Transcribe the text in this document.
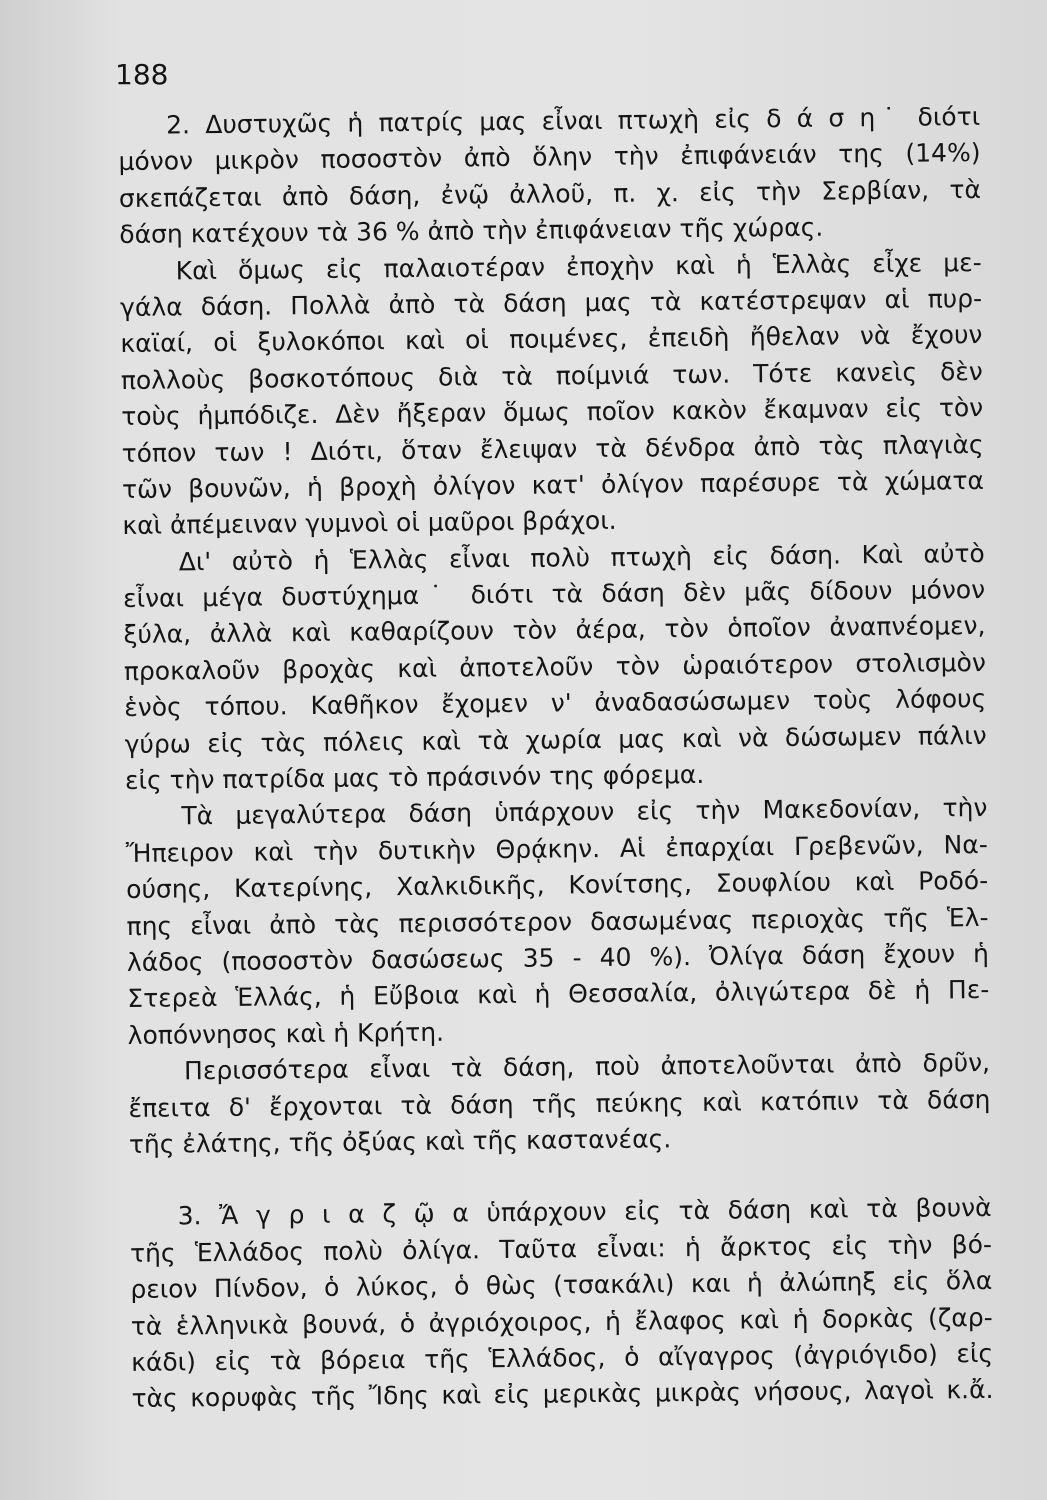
188
2. Δυστυχῶς ἡ πατρίς μας εἶναι πτωχὴ εἰς δ ά σ η˙ διότι
μόνον μικρὸν ποσοστὸν ἀπὸ ὅλην τὴν ἐπιφάνειάν της (14%)
σκεπάζεται ἀπὸ δάση, ἐνῷ ἀλλοῦ, π. χ. εἰς τὴν Σερβίαν, τὰ
δάση κατέχουν τὰ 36 % ἀπὸ τὴν ἐπιφάνειαν τῆς χώρας.
Καὶ ὅμως εἰς παλαιοτέραν ἐποχὴν καὶ ἡ Ἑλλὰς εἶχε με-
γάλα δάση. Πολλὰ ἀπὸ τὰ δάση μας τὰ κατέστρεψαν αἱ πυρ-
καϊαί, οἱ ξυλοκόποι καὶ οἱ ποιμένες, ἐπειδὴ ἤθελαν νὰ ἔχουν
πολλοὺς βοσκοτόπους διὰ τὰ ποίμνιά των. Τότε κανεὶς δὲν
τοὺς ἠμπόδιζε. Δὲν ἤξεραν ὅμως ποῖον κακὸν ἔκαμναν εἰς τὸν
τόπον των ! Διότι, ὅταν ἔλειψαν τὰ δένδρα ἀπὸ τὰς πλαγιὰς
τῶν βουνῶν, ἡ βροχὴ ὀλίγον κατ' ὀλίγον παρέσυρε τὰ χώματα
καὶ ἀπέμειναν γυμνοὶ οἱ μαῦροι βράχοι.
Δι' αὐτὸ ἡ Ἑλλὰς εἶναι πολὺ πτωχὴ εἰς δάση. Καὶ αὐτὸ
εἶναι μέγα δυστύχημα˙ διότι τὰ δάση δὲν μᾶς δίδουν μόνον
ξύλα, ἀλλὰ καὶ καθαρίζουν τὸν ἀέρα, τὸν ὁποῖον ἀναπνέομεν,
προκαλοῦν βροχὰς καὶ ἀποτελοῦν τὸν ὡραιότερον στολισμὸν
ἑνὸς τόπου. Καθῆκον ἔχομεν ν' ἀναδασώσωμεν τοὺς λόφους
γύρω εἰς τὰς πόλεις καὶ τὰ χωρία μας καὶ νὰ δώσωμεν πάλιν
εἰς τὴν πατρίδα μας τὸ πράσινόν της φόρεμα.
Τὰ μεγαλύτερα δάση ὑπάρχουν εἰς τὴν Μακεδονίαν, τὴν
Ἤπειρον καὶ τὴν δυτικὴν Θρᾴκην. Αἱ ἐπαρχίαι Γρεβενῶν, Να-
ούσης, Κατερίνης, Χαλκιδικῆς, Κονίτσης, Σουφλίου καὶ Ροδό-
πης εἶναι ἀπὸ τὰς περισσότερον δασωμένας περιοχὰς τῆς Ἑλ-
λάδος (ποσοστὸν δασώσεως 35 - 40 %). Ὀλίγα δάση ἔχουν ἡ
Στερεὰ Ἑλλάς, ἡ Εὔβοια καὶ ἡ Θεσσαλία, ὀλιγώτερα δὲ ἡ Πε-
λοπόννησος καὶ ἡ Κρήτη.
Περισσότερα εἶναι τὰ δάση, ποὺ ἀποτελοῦνται ἀπὸ δρῦν,
ἔπειτα δ' ἔρχονται τὰ δάση τῆς πεύκης καὶ κατόπιν τὰ δάση
τῆς ἐλάτης, τῆς ὀξύας καὶ τῆς καστανέας.
3. Ἄ γ ρ ι α ζ ῷ α ὑπάρχουν εἰς τὰ δάση καὶ τὰ βουνὰ
τῆς Ἑλλάδος πολὺ ὀλίγα. Ταῦτα εἶναι: ἡ ἄρκτος εἰς τὴν βό-
ρειον Πίνδον, ὁ λύκος, ὁ θὼς (τσακάλι) και ἡ ἀλώπηξ εἰς ὅλα
τὰ ἑλληνικὰ βουνά, ὁ ἀγριόχοιρος, ἡ ἔλαφος καὶ ἡ δορκὰς (ζαρ-
κάδι) εἰς τὰ βόρεια τῆς Ἑλλάδος, ὁ αἴγαγρος (ἀγριόγιδο) εἰς
τὰς κορυφὰς τῆς Ἴδης καὶ εἰς μερικὰς μικρὰς νήσους, λαγοὶ κ.ἄ.
